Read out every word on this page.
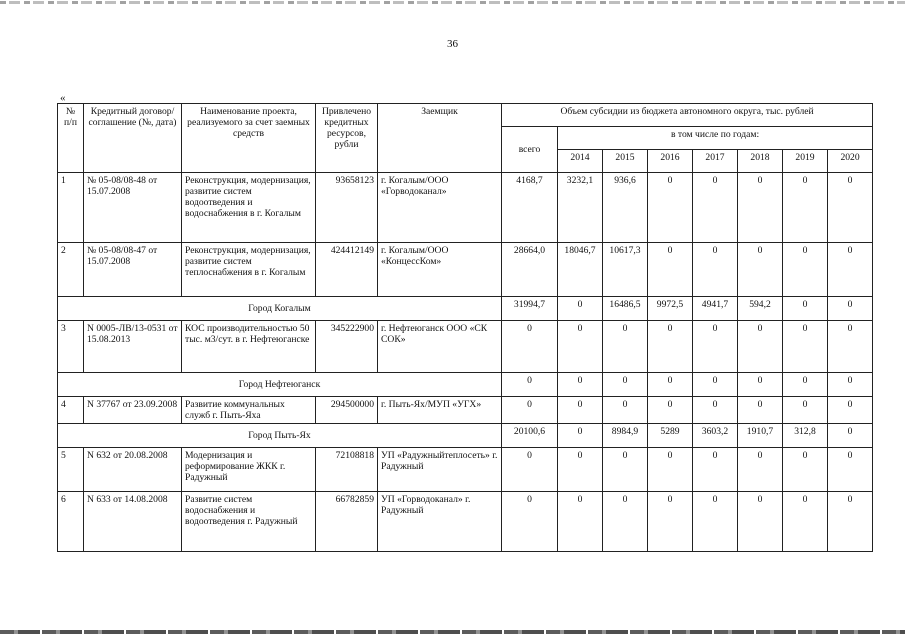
36
«
№ п/п	Кредитный договор/соглашение (№, дата)	Наименование проекта, реализуемого за счет заемных средств	Привлечено кредитных ресурсов, рубли	Заемщик	Объем субсидии из бюджета автономного округа, тыс. рублей							
					всего	в том числе по годам:						
						2014	2015	2016	2017	2018	2019	2020
1	№ 05-08/08-48 от 15.07.2008	Реконструкция, модернизация, развитие систем водоотведения и водоснабжения в г. Когалым	93658123	г. Когалым/ООО «Горводоканал»	4168,7	3232,1	936,6	0	0	0	0	0
2	№ 05-08/08-47 от 15.07.2008	Реконструкция, модернизация, развитие систем теплоснабжения в г. Когалым	424412149	г. Когалым/ООО «КонцессКом»	28664,0	18046,7	10617,3	0	0	0	0	0
Город Когалым					31994,7	0	16486,5	9972,5	4941,7	594,2	0	0
3	N 0005-ЛВ/13-0531 от 15.08.2013	КОС производительностью 50 тыс. м3/сут. в г. Нефтеюганске	345222900	г. Нефтеюганск ООО «СК СОК»	0	0	0	0	0	0	0	0
Город Нефтеюганск					0	0	0	0	0	0	0	0
4	N 37767 от 23.09.2008	Развитие коммунальных служб г. Пыть-Яха	294500000	г. Пыть-Ях/МУП «УГХ»	0	0	0	0	0	0	0	0
Город Пыть-Ях					20100,6	0	8984,9	5289	3603,2	1910,7	312,8	0
5	N 632 от 20.08.2008	Модернизация и реформирование ЖКК г. Радужный	72108818	УП «Радужныйтеплосеть» г. Радужный	0	0	0	0	0	0	0	0
6	N 633 от 14.08.2008	Развитие систем водоснабжения и водоотведения г. Радужный	66782859	УП «Горводоканал» г. Радужный	0	0	0	0	0	0	0	0
